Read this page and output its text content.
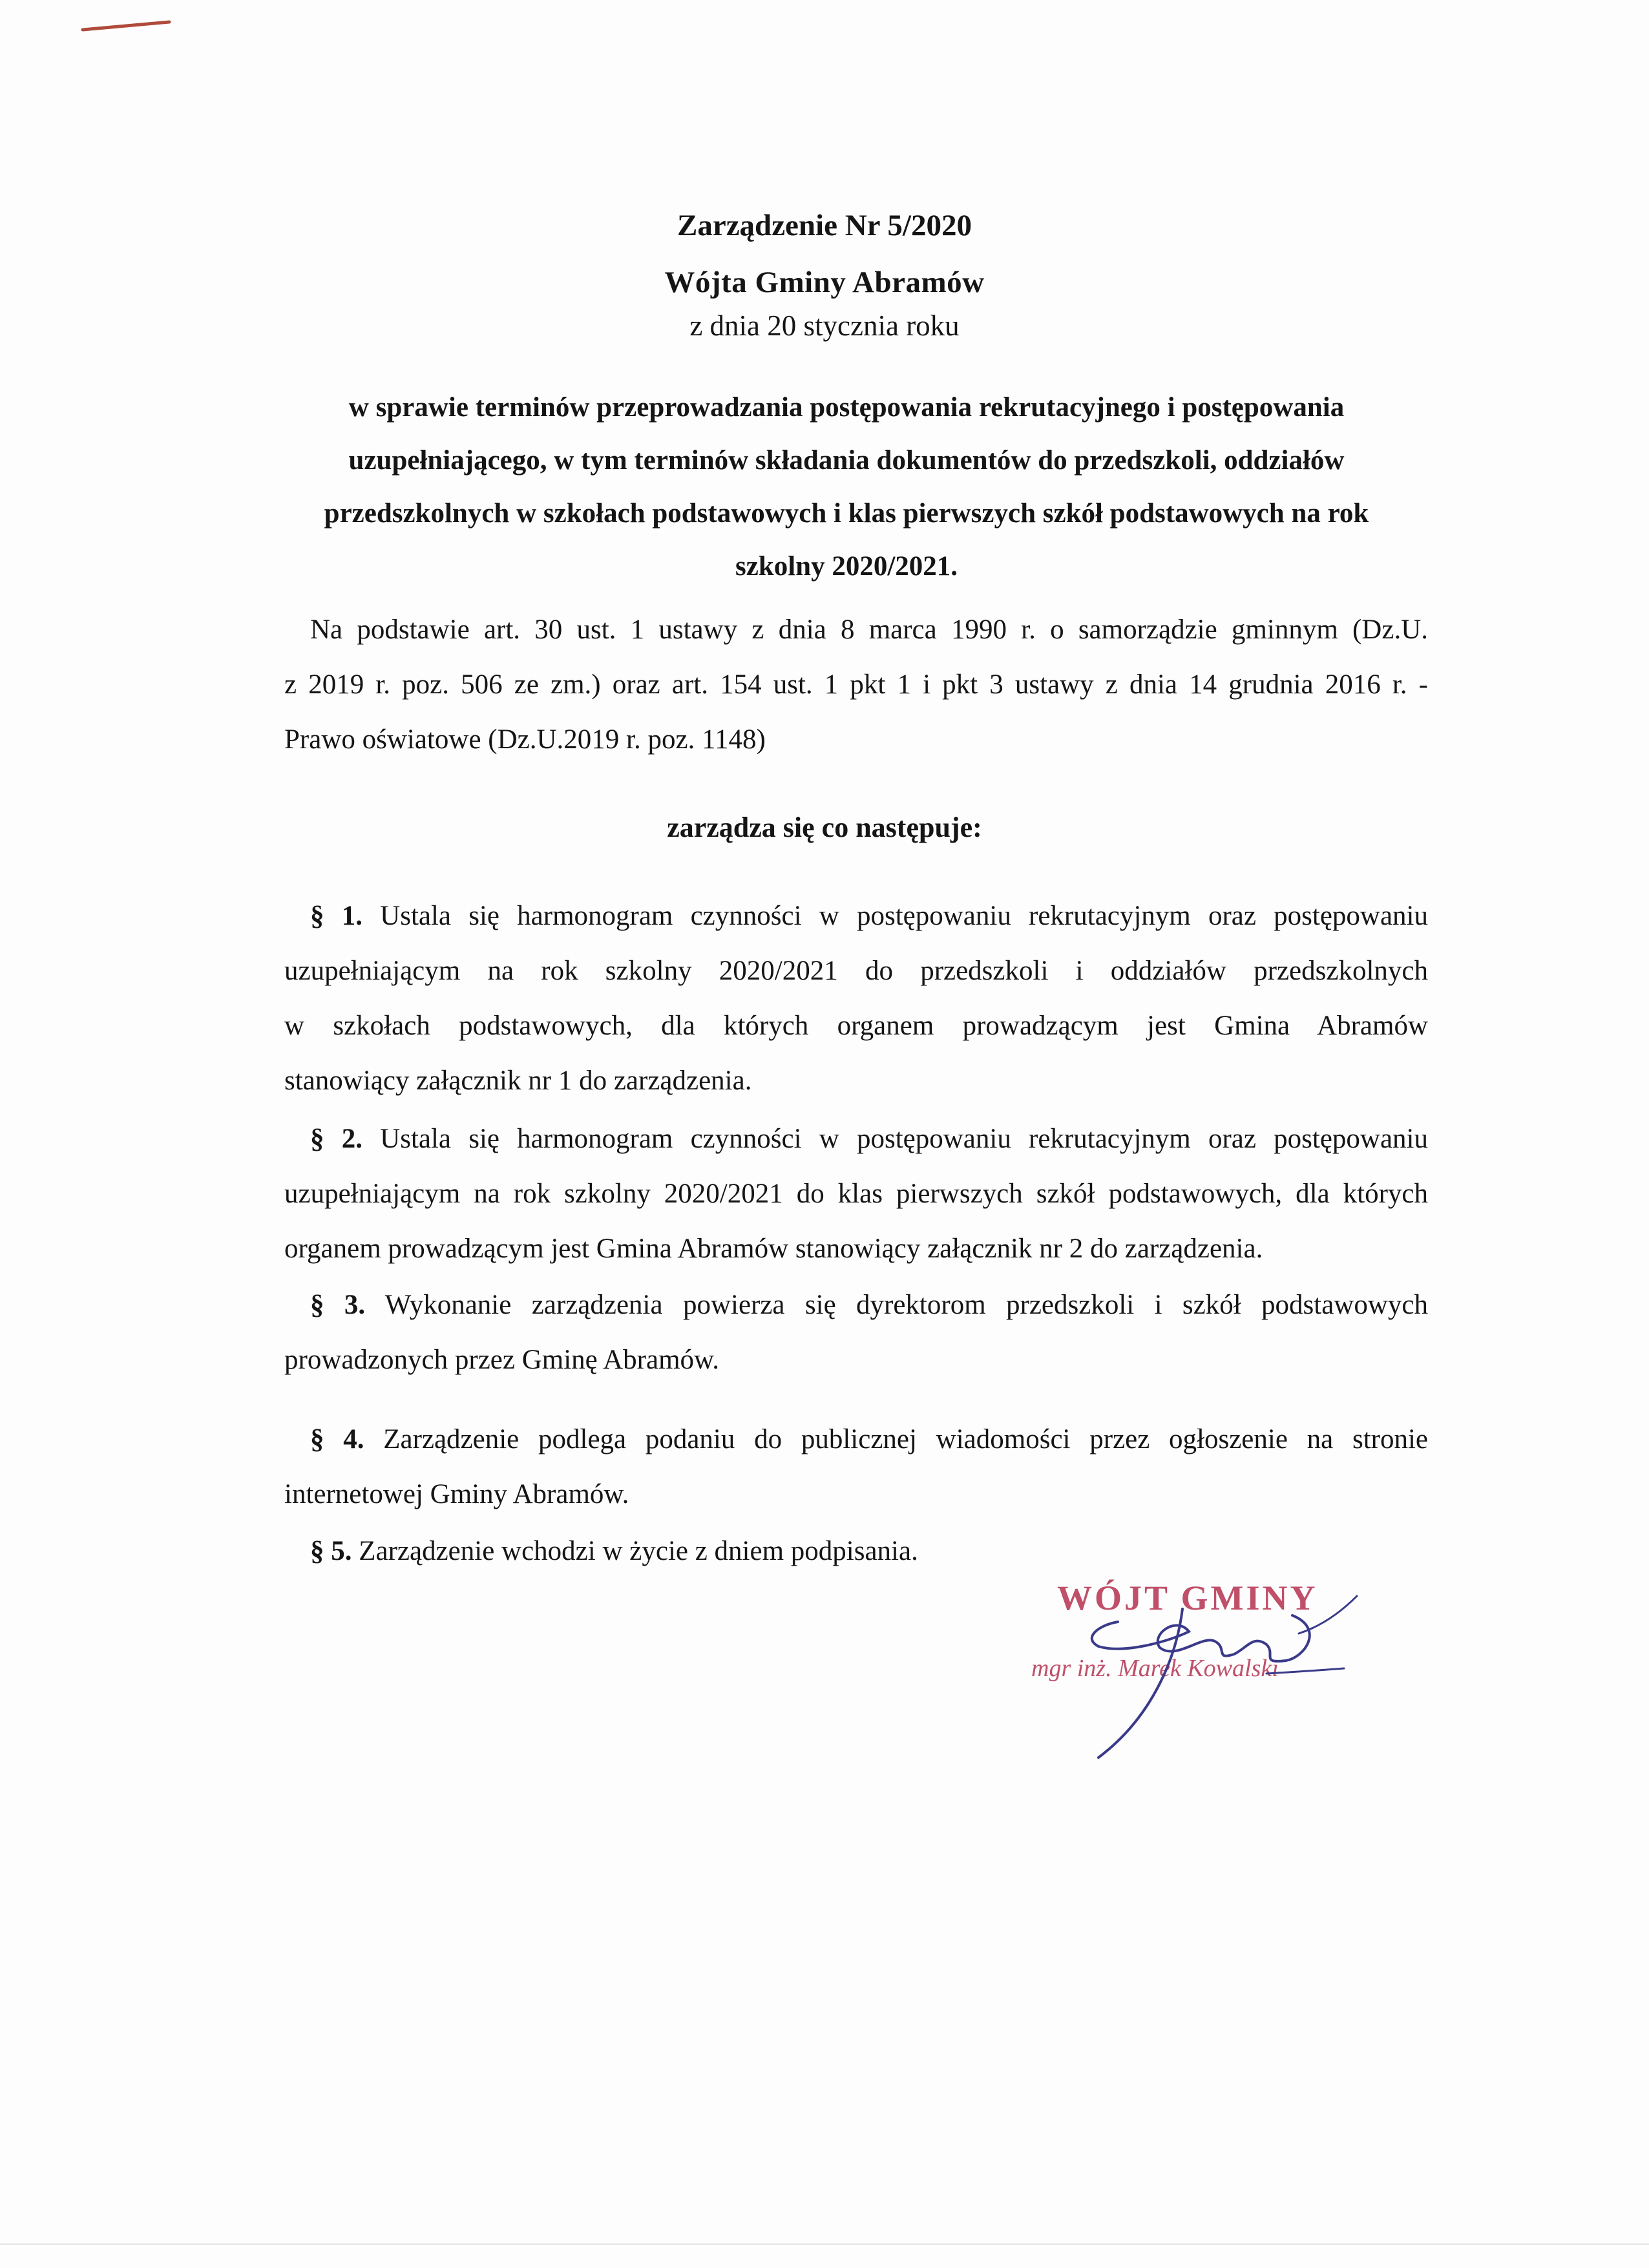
Zarządzenie Nr 5/2020
Wójta Gminy Abramów
z dnia 20 stycznia roku
w sprawie terminów przeprowadzania postępowania rekrutacyjnego i postępowania
uzupełniającego, w tym terminów składania dokumentów do przedszkoli, oddziałów
przedszkolnych w szkołach podstawowych i klas pierwszych szkół podstawowych na rok
szkolny 2020/2021.
Na podstawie art. 30 ust. 1 ustawy z dnia 8 marca 1990 r. o samorządzie gminnym (Dz.U.
z 2019 r. poz. 506 ze zm.) oraz art. 154 ust. 1 pkt 1 i pkt 3 ustawy z dnia 14 grudnia 2016 r. -
Prawo oświatowe (Dz.U.2019 r. poz. 1148)
zarządza się co następuje:
§ 1. Ustala się harmonogram czynności w postępowaniu rekrutacyjnym oraz postępowaniu
uzupełniającym na rok szkolny 2020/2021 do przedszkoli i oddziałów przedszkolnych
w szkołach podstawowych, dla których organem prowadzącym jest Gmina Abramów
stanowiący załącznik nr 1 do zarządzenia.
§ 2. Ustala się harmonogram czynności w postępowaniu rekrutacyjnym oraz postępowaniu
uzupełniającym na rok szkolny 2020/2021 do klas pierwszych szkół podstawowych, dla których
organem prowadzącym jest Gmina Abramów stanowiący załącznik nr 2 do zarządzenia.
§ 3. Wykonanie zarządzenia powierza się dyrektorom przedszkoli i szkół podstawowych
prowadzonych przez Gminę Abramów.
§ 4. Zarządzenie podlega podaniu do publicznej wiadomości przez ogłoszenie na stronie
internetowej Gminy Abramów.
§ 5. Zarządzenie wchodzi w życie z dniem podpisania.
WÓJT GMINY
mgr inż. Marek Kowalski
